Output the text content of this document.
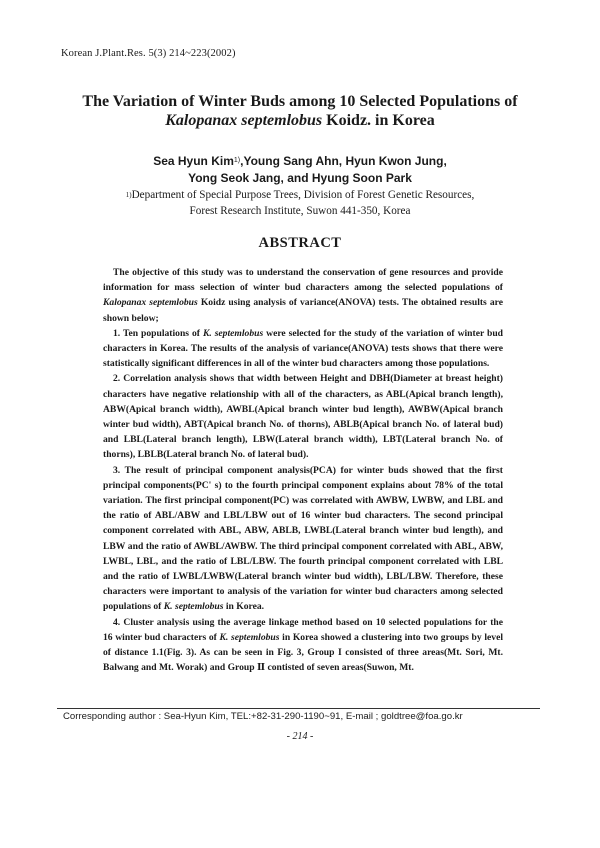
Korean J.Plant.Res. 5(3) 214~223(2002)
The Variation of Winter Buds among 10 Selected Populations of
Kalopanax septemlobus Koidz. in Korea
Sea Hyun Kim$^{1)}$,Young Sang Ahn, Hyun Kwon Jung,
Yong Seok Jang, and Hyung Soon Park
$^{1)}$Department of Special Purpose Trees, Division of Forest Genetic Resources,
Forest Research Institute, Suwon 441-350, Korea
ABSTRACT

The objective of this study was to understand the conservation of gene resources and provide information for mass selection of winter bud characters among the selected populations of Kalopanax septemlobus Koidz using analysis of variance(ANOVA) tests. The obtained results are shown below;

1. Ten populations of K. septemlobus were selected for the study of the variation of winter bud characters in Korea. The results of the analysis of variance(ANOVA) tests shows that there were statistically significant differences in all of the winter bud characters among those populations.

2. Correlation analysis shows that width between Height and DBH(Diameter at breast height) characters have negative relationship with all of the characters, as ABL(Apical branch length), ABW(Apical branch width), AWBL(Apical branch winter bud length), AWBW(Apical branch winter bud width), ABT(Apical branch No. of thorns), ABLB(Apical branch No. of lateral bud) and LBL(Lateral branch length), LBW(Lateral branch width), LBT(Lateral branch No. of thorns), LBLB(Lateral branch No. of lateral bud).

3. The result of principal component analysis(PCA) for winter buds showed that the first principal components(PC' s) to the fourth principal component explains about 78% of the total variation. The first principal component(PC) was correlated with AWBW, LWBW, and LBL and the ratio of ABL/ABW and LBL/LBW out of 16 winter bud characters. The second principal component correlated with ABL, ABW, ABLB, LWBL(Lateral branch winter bud length), and LBW and the ratio of AWBL/AWBW. The third principal component correlated with ABL, ABW, LWBL, LBL, and the ratio of LBL/LBW. The fourth principal component correlated with LBL and the ratio of LWBL/LWBW(Lateral branch winter bud width), LBL/LBW. Therefore, these characters were important to analysis of the variation for winter bud characters among selected populations of K. septemlobus in Korea.

4. Cluster analysis using the average linkage method based on 10 selected populations for the 16 winter bud characters of K. septemlobus in Korea showed a clustering into two groups by level of distance 1.1(Fig. 3). As can be seen in Fig. 3, Group I consisted of three areas(Mt. Sori, Mt. Balwang and Mt. Worak) and Group Ⅱ contisted of seven areas(Suwon, Mt.

Corresponding author : Sea-Hyun Kim, TEL:+82-31-290-1190~91, E-mail ; goldtree@foa.go.kr
- 214 -
